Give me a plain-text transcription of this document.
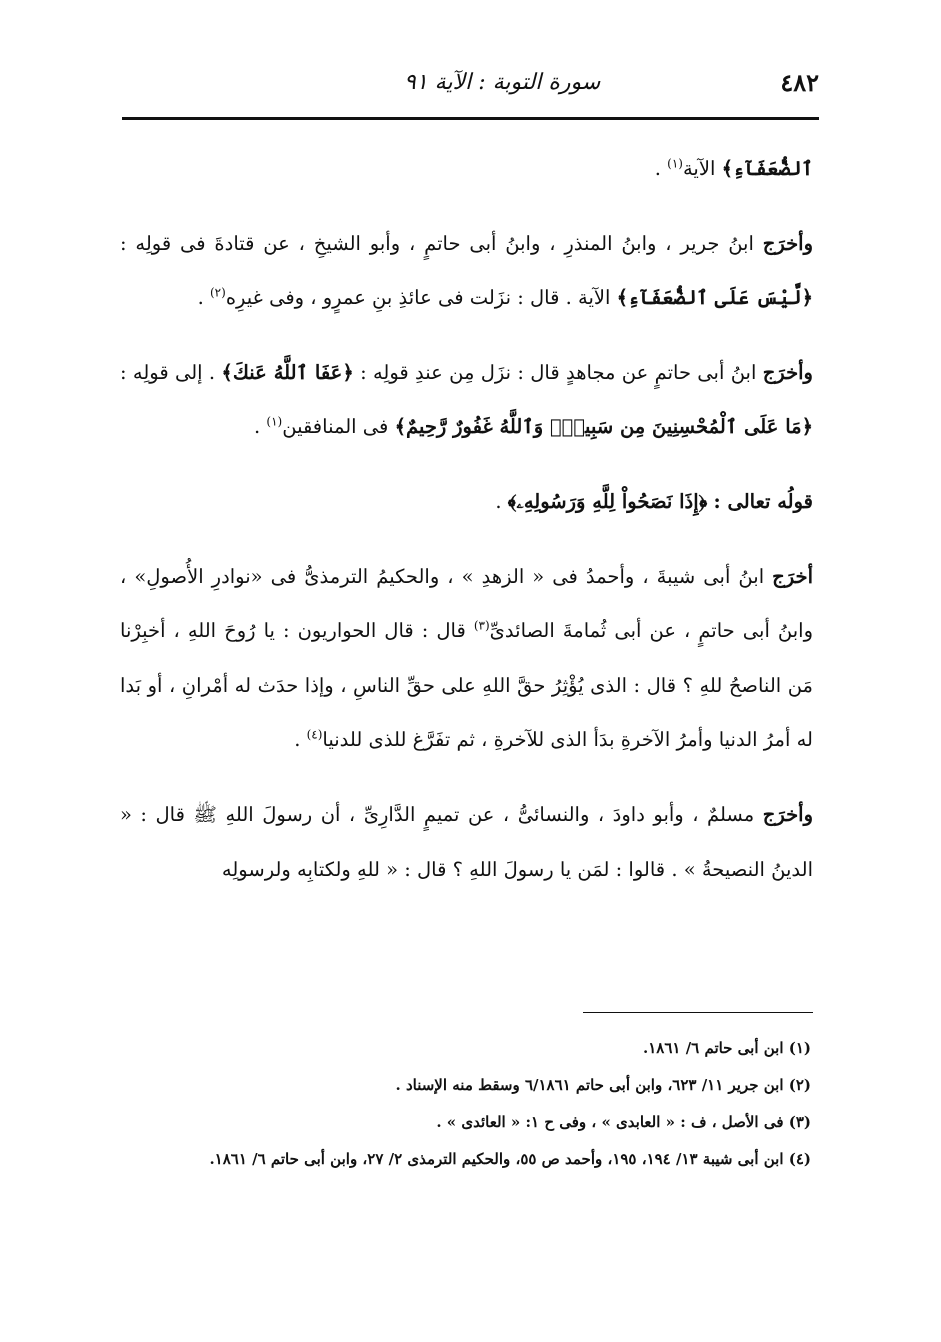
٤٨٢
سورة التوبة : الآية ٩١

ٱلضُّعَفَآءِ﴾ الآية$^{(١)}$ .

وأخرَج ابنُ جرير ، وابنُ المنذرِ ، وابنُ أبى حاتمٍ ، وأبو الشيخِ ، عن قتادةَ فى قولِه : ﴿لَّيْسَ عَلَى ٱلضُّعَفَآءِ﴾ الآية . قال : نزَلت فى عائذِ بنِ عمرٍو ، وفى غيرِه$^{(٢)}$ .

وأخرَج ابنُ أبى حاتمٍ عن مجاهدٍ قال : نزَل مِن عندِ قولِه : ﴿عَفَا ٱللَّهُ عَنكَ﴾ . إلى قولِه : ﴿مَا عَلَى ٱلْمُحْسِنِينَ مِن سَبِيلٍۚ وَٱللَّهُ غَفُورٌ رَّحِيمٌ﴾ فى المنافقين$^{(١)}$ .

قولُه تعالى : ﴿إِذَا نَصَحُواْ لِلَّهِ وَرَسُولِهِۦ﴾ .

أخرَج ابنُ أبى شيبةَ ، وأحمدُ فى « الزهدِ » ، والحكيمُ الترمذىُّ فى «نوادرِ الأُصولِ» ، وابنُ أبى حاتمٍ ، عن أبى ثُمامةَ الصائدىِّ$^{(٣)}$ قال : قال الحواريون : يا رُوحَ اللهِ ، أخبِرْنا مَن الناصحُ للهِ ؟ قال : الذى يُؤْثِرُ حقَّ اللهِ على حقِّ الناسِ ، وإذا حدَث له أمْرانِ ، أو بَدا له أمرُ الدنيا وأمرُ الآخرةِ بدَأ الذى للآخرةِ ، ثم تفَرَّغ للذى للدنيا$^{(٤)}$ .

وأخرَج مسلمٌ ، وأبو داودَ ، والنسائىُّ ، عن تميمٍ الدَّارِىِّ ، أن رسولَ اللهِ ﷺ قال : « الدينُ النصيحةُ » . قالوا : لمَن يا رسولَ اللهِ ؟ قال : « للهِ ولكتابِه ولرسولِه

(١) ابن أبى حاتم ٦/ ١٨٦١.

(٢) ابن جرير ١١/ ٦٢٣، وابن أبى حاتم ٦/١٨٦١ وسقط منه الإسناد .

(٣) فى الأصل ، ف : « العابدى » ، وفى ح ١: « العائدى » .

(٤) ابن أبى شيبة ١٣/ ١٩٤، ١٩٥، وأحمد ص ٥٥، والحكيم الترمذى ٢/ ٢٧، وابن أبى حاتم ٦/ ١٨٦١.
